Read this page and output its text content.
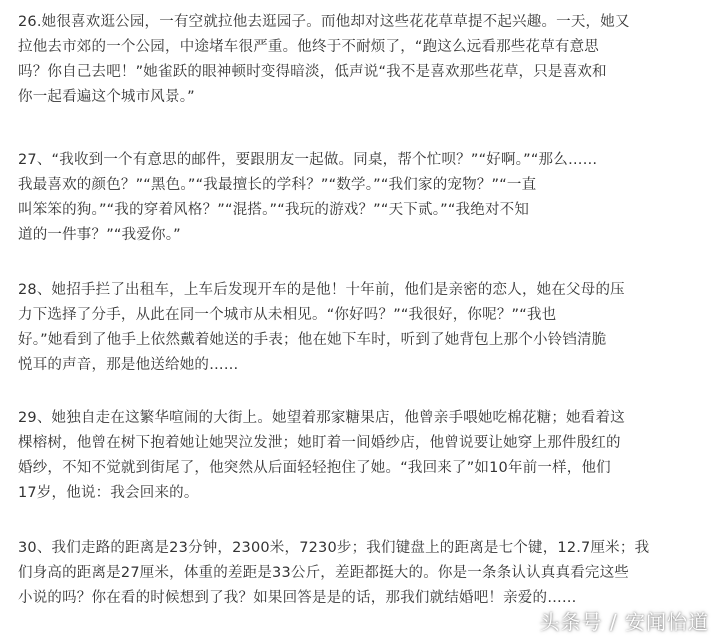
26.她很喜欢逛公园，一有空就拉他去逛园子。而他却对这些花花草草提不起兴趣。一天，她又
拉他去市郊的一个公园，中途堵车很严重。他终于不耐烦了，“跑这么远看那些花草有意思
吗？你自己去吧！”她雀跃的眼神顿时变得暗淡，低声说“我不是喜欢那些花草，只是喜欢和
你一起看遍这个城市风景。”

27、“我收到一个有意思的邮件，要跟朋友一起做。同桌，帮个忙呗？”“好啊。”“那么……
我最喜欢的颜色？”“黑色。”“我最擅长的学科？”“数学。”“我们家的宠物？”“一直
叫笨笨的狗。”“我的穿着风格？”“混搭。”“我玩的游戏？”“天下贰。”“我绝对不知
道的一件事？”“我爱你。”

28、她招手拦了出租车，上车后发现开车的是他！十年前，他们是亲密的恋人，她在父母的压
力下选择了分手，从此在同一个城市从未相见。“你好吗？”“我很好，你呢？”“我也
好。”她看到了他手上依然戴着她送的手表；他在她下车时，听到了她背包上那个小铃铛清脆
悦耳的声音，那是他送给她的……

29、她独自走在这繁华喧闹的大街上。她望着那家糖果店，他曾亲手喂她吃棉花糖；她看着这
棵榕树，他曾在树下抱着她让她哭泣发泄；她盯着一间婚纱店，他曾说要让她穿上那件殷红的
婚纱，不知不觉就到街尾了，他突然从后面轻轻抱住了她。“我回来了”如10年前一样，他们
17岁，他说：我会回来的。

30、我们走路的距离是23分钟，2300米，7230步；我们键盘上的距离是七个键，12.7厘米；我
们身高的距离是27厘米，体重的差距是33公斤，差距都挺大的。你是一条条认认真真看完这些
小说的吗？你在看的时候想到了我？如果回答是是的话，那我们就结婚吧！亲爱的……

头条号 / 安闻怡道
